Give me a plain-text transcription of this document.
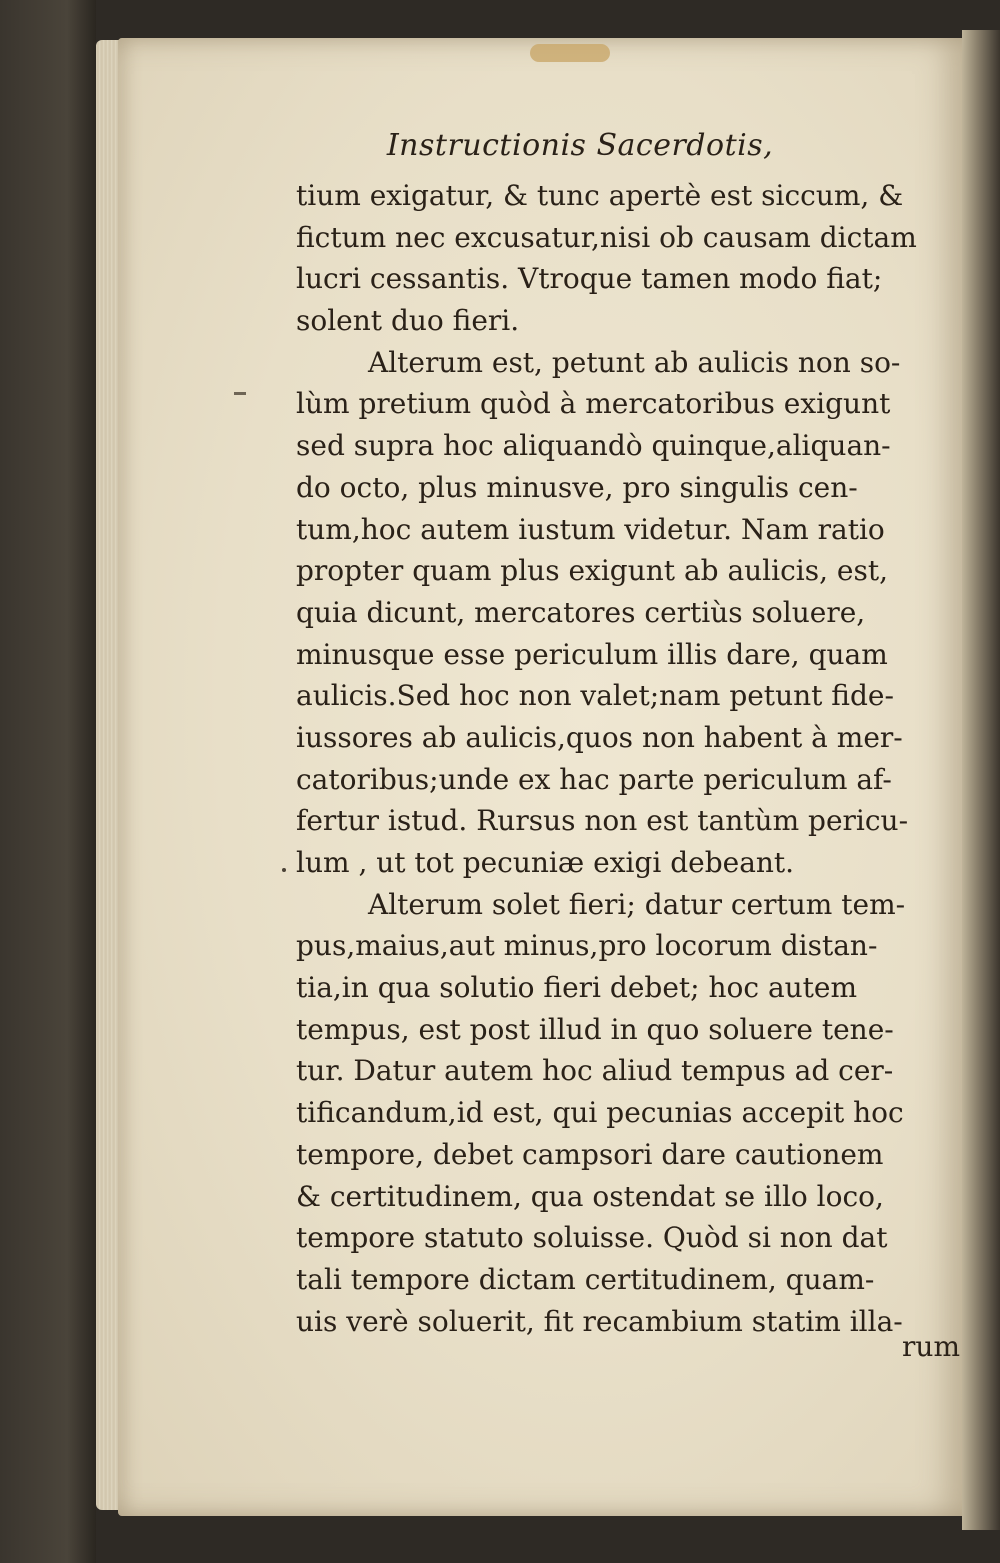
Instructionis Sacerdotis,
tium exigatur, & tunc apertè est siccum, &
fictum nec excusatur,nisi ob causam dictam
lucri cessantis. Vtroque tamen modo fiat;
solent duo fieri.
Alterum est, petunt ab aulicis non so-
lùm pretium quòd à mercatoribus exigunt
sed supra hoc aliquandò quinque,aliquan-
do octo, plus minusve, pro singulis cen-
tum,hoc autem iustum videtur. Nam ratio
propter quam plus exigunt ab aulicis, est,
quia dicunt, mercatores certiùs soluere,
minusque esse periculum illis dare, quam
aulicis.Sed hoc non valet;nam petunt fide-
iussores ab aulicis,quos non habent à mer-
catoribus;unde ex hac parte periculum af-
fertur istud. Rursus non est tantùm pericu-
lum , ut tot pecuniæ exigi debeant.
Alterum solet fieri; datur certum tem-
pus,maius,aut minus,pro locorum distan-
tia,in qua solutio fieri debet; hoc autem
tempus, est post illud in quo soluere tene-
tur. Datur autem hoc aliud tempus ad cer-
tificandum,id est, qui pecunias accepit hoc
tempore, debet campsori dare cautionem
& certitudinem, qua ostendat se illo loco,
tempore statuto soluisse. Quòd si non dat
tali tempore dictam certitudinem, quam-
uis verè soluerit, fit recambium statim illa-
rum
